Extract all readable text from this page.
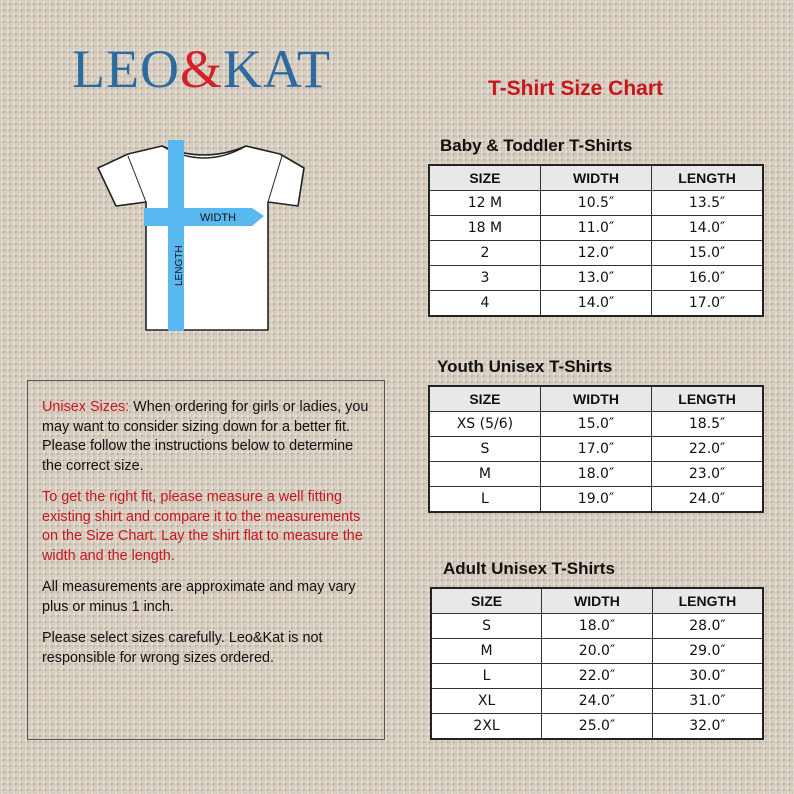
LEO&KAT	T-Shirt Size Chart
WIDTH
LENGTH

Unisex Sizes: When ordering for girls or ladies, you may want to consider sizing down for a better fit. Please follow the instructions below to determine the correct size.

To get the right fit, please measure a well fitting existing shirt and compare it to the measurements on the Size Chart. Lay the shirt flat to measure the width and the length.

All measurements are approximate and may vary plus or minus 1 inch.

Please select sizes carefully. Leo&Kat is not responsible for wrong sizes ordered.

Baby & Toddler T-Shirts
SIZE	WIDTH	LENGTH
12 M	10.5″	13.5″
18 M	11.0″	14.0″
2	12.0″	15.0″
3	13.0″	16.0″
4	14.0″	17.0″
Youth Unisex T-Shirts
SIZE	WIDTH	LENGTH
XS (5/6)	15.0″	18.5″
S	17.0″	22.0″
M	18.0″	23.0″
L	19.0″	24.0″
Adult Unisex T-Shirts
SIZE	WIDTH	LENGTH
S	18.0″	28.0″
M	20.0″	29.0″
L	22.0″	30.0″
XL	24.0″	31.0″
2XL	25.0″	32.0″
